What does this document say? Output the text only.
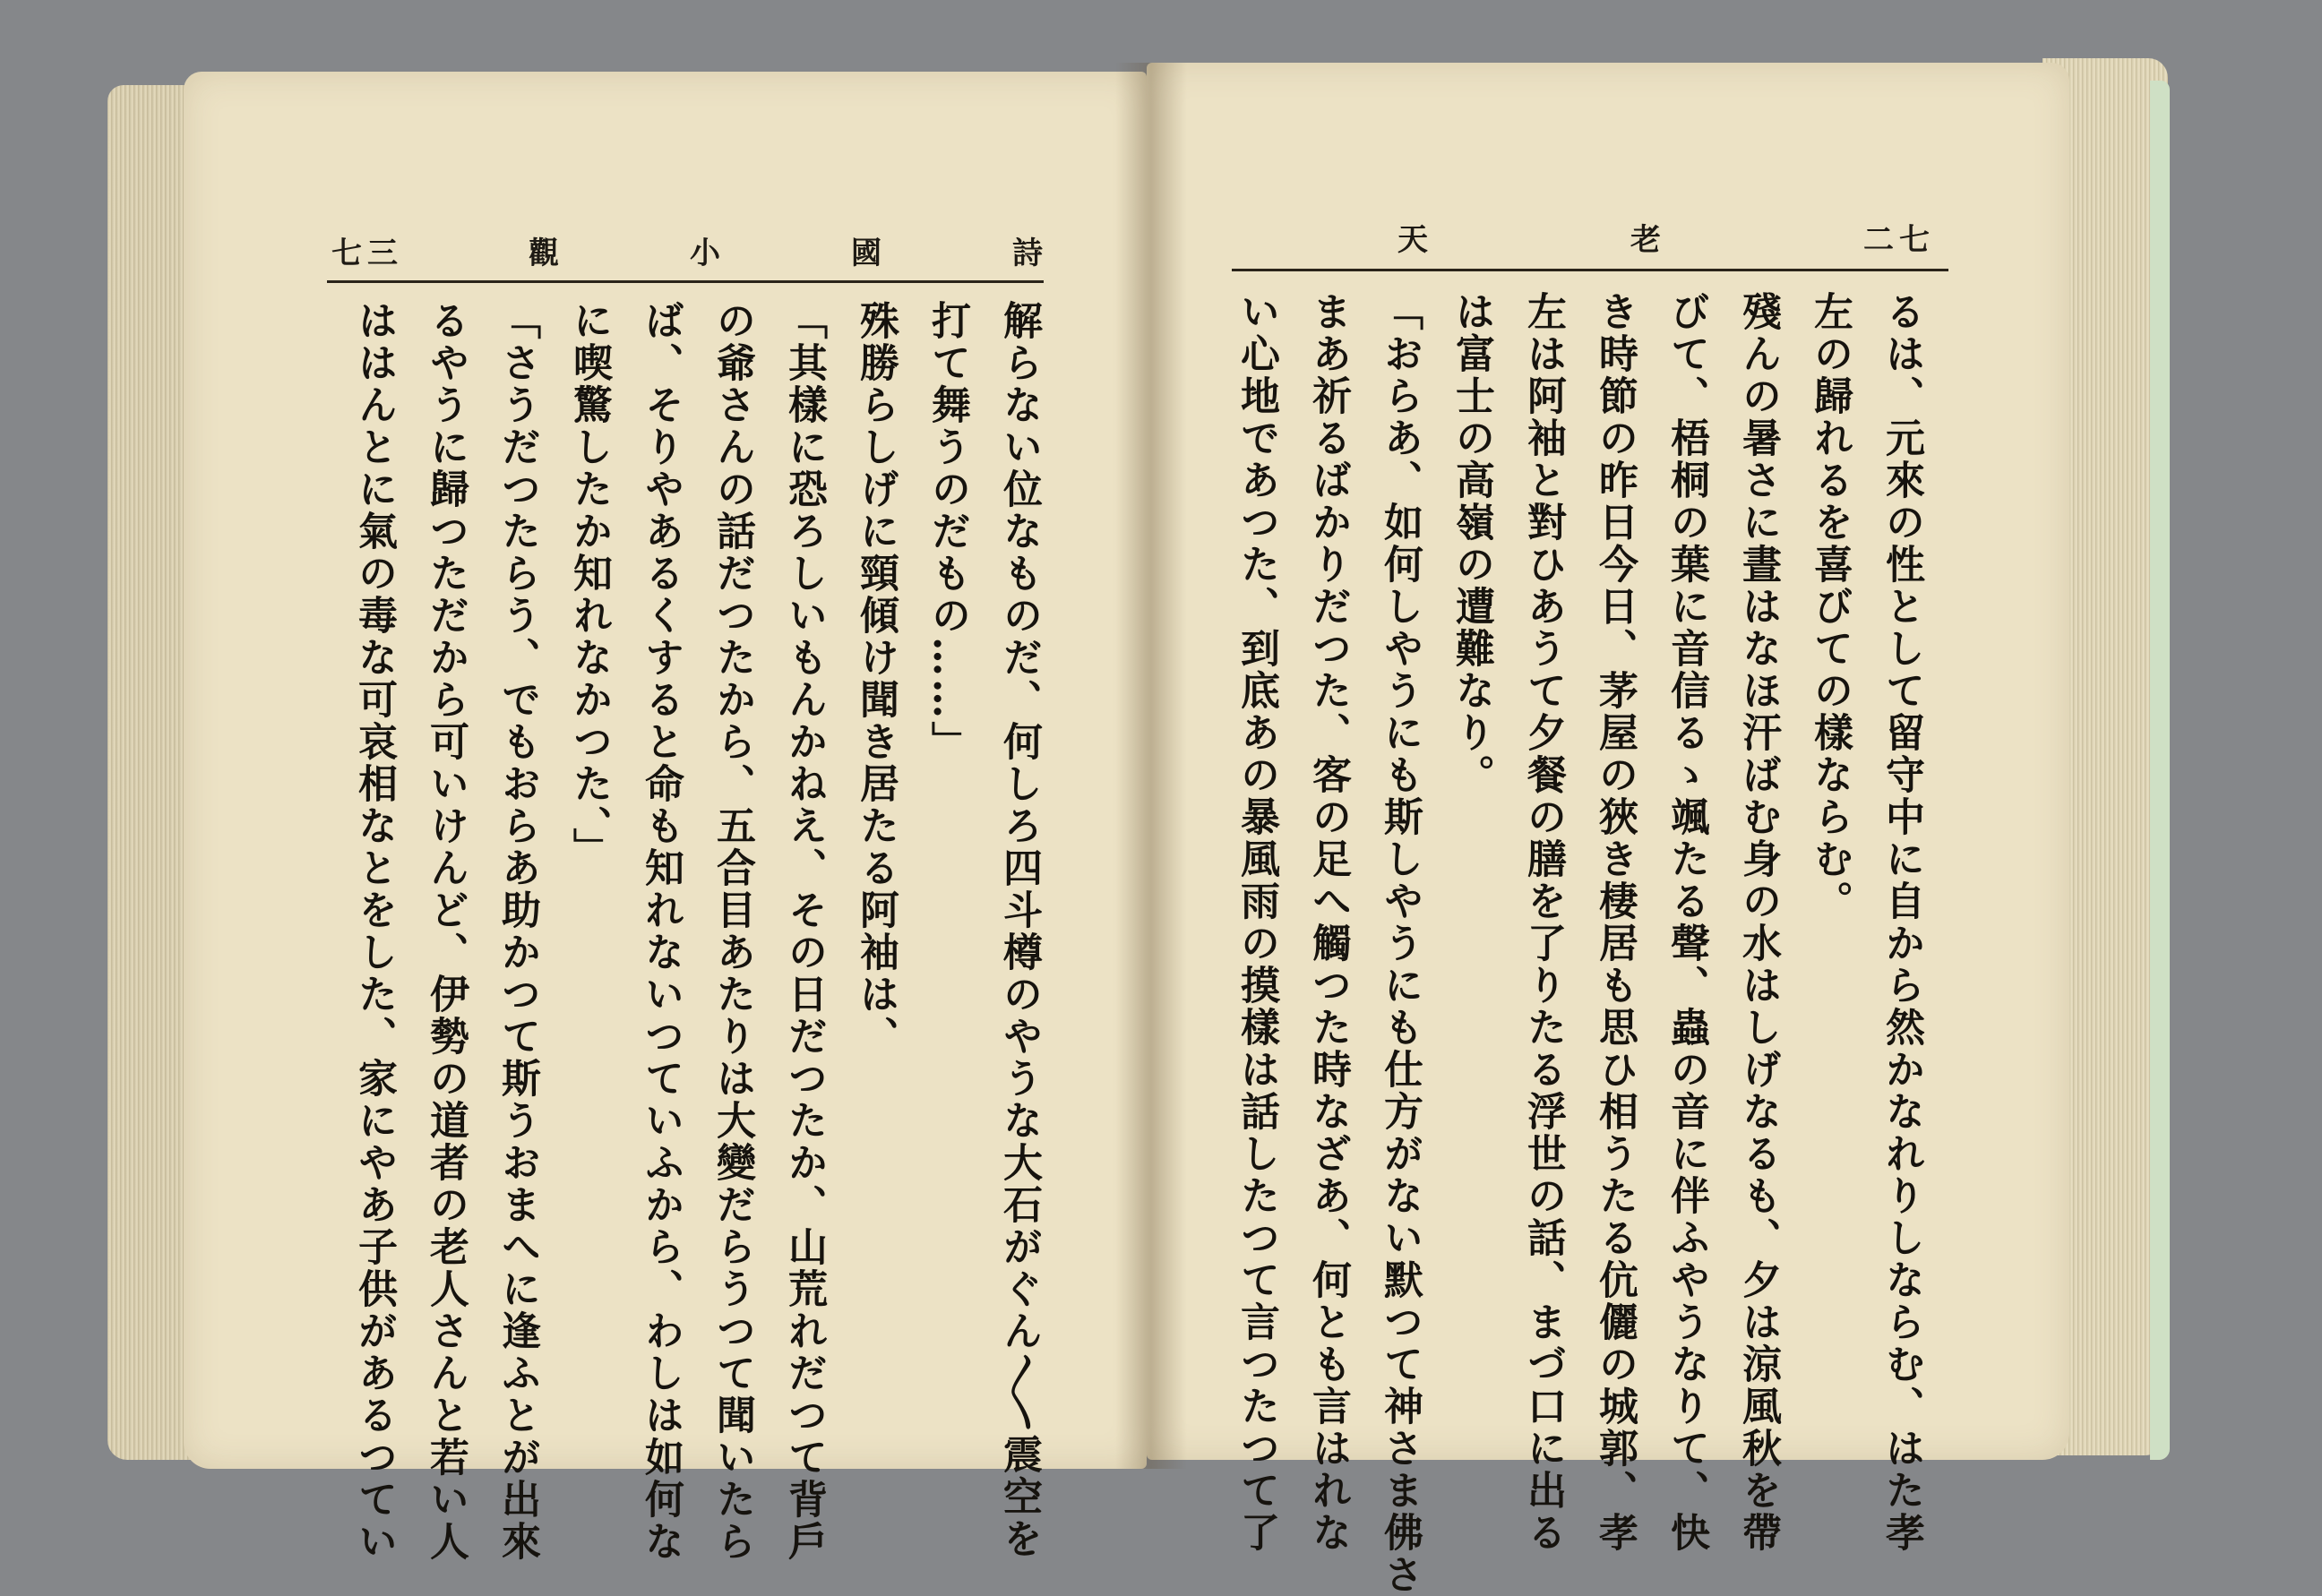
七三	觀	小	國	詩	天	老	二七
解らない位なものだ、何しろ四斗樽のやうな大石がぐん〳〵震空を
打て舞うのだもの……」
殊勝らしげに頸傾け聞き居たる阿袖は、
「其樣に恐ろしいもんかねえ、その日だつたか、山荒れだつて背戶
の爺さんの話だつたから、五合目あたりは大變だらうつて聞いたら
ば、そりやあるくすると命も知れないつていふから、わしは如何な
に喫驚したか知れなかつた、」
「さうだつたらう、でもおらあ助かつて斯うおまへに逢ふとが出來
るやうに歸つただから可いけんど、伊勢の道者の老人さんと若い人
ははんとに氣の毒な可哀相なとをした、家にやあ子供があるつてい	るは、元來の性として留守中に自から然かなれりしならむ、はた孝
左の歸れるを喜びての樣ならむ。
殘んの暑さに晝はなほ汗ばむ身の水はしげなるも、夕は涼風秋を帶
びて、梧桐の葉に音信るゝ颯たる聲、蟲の音に伴ふやうなりて、快
き時節の昨日今日、茅屋の狹き棲居も思ひ相うたる伉儷の城郭、孝
左は阿袖と對ひあうて夕餐の膳を了りたる浮世の話、まづ口に出る
は富士の高嶺の遭難なり。
「おらあ、如何しやうにも斯しやうにも仕方がない默つて神さま佛さ
まあ祈るばかりだつた、客の足へ觸つた時なざあ、何とも言はれな
い心地であつた、到底あの暴風雨の摸樣は話したつて言つたつて了
